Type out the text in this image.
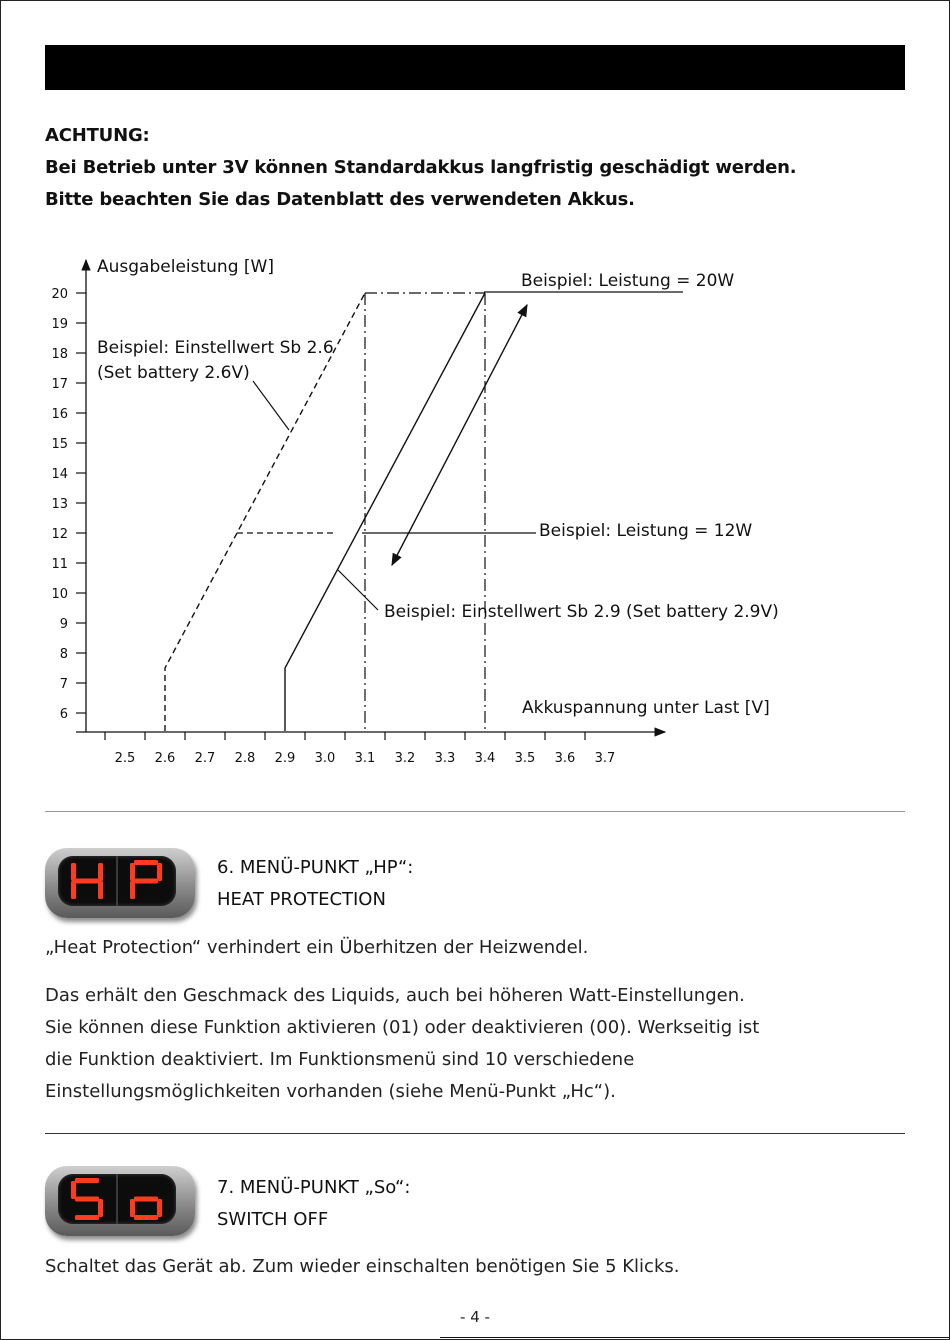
ACHTUNG:
Bei Betrieb unter 3V können Standardakkus langfristig geschädigt werden.
Bitte beachten Sie das Datenblatt des verwendeten Akkus.
6
7
8
9
10
11
12
13
14
15
16
17
18
19
20
2.5 2.6 2.7 2.8 2.9 3.0 3.1 3.2 3.3 3.4 3.5 3.6 3.7
Ausgabeleistung [W]
Akkuspannung unter Last [V]
Beispiel: Leistung = 20W
Beispiel: Leistung = 12W
Beispiel: Einstellwert Sb 2.6
(Set battery 2.6V)
Beispiel: Einstellwert Sb 2.9 (Set battery 2.9V)
6. MENÜ-PUNKT „HP“:
HEAT PROTECTION

„Heat Protection“ verhindert ein Überhitzen der Heizwendel.

Das erhält den Geschmack des Liquids, auch bei höheren Watt-Einstellungen.

Sie können diese Funktion aktivieren (01) oder deaktivieren (00). Werkseitig ist

die Funktion deaktiviert. Im Funktionsmenü sind 10 verschiedene

Einstellungsmöglichkeiten vorhanden (siehe Menü-Punkt „Hc“).

7. MENÜ-PUNKT „So“:
SWITCH OFF

Schaltet das Gerät ab. Zum wieder einschalten benötigen Sie 5 Klicks.

- 4 -
